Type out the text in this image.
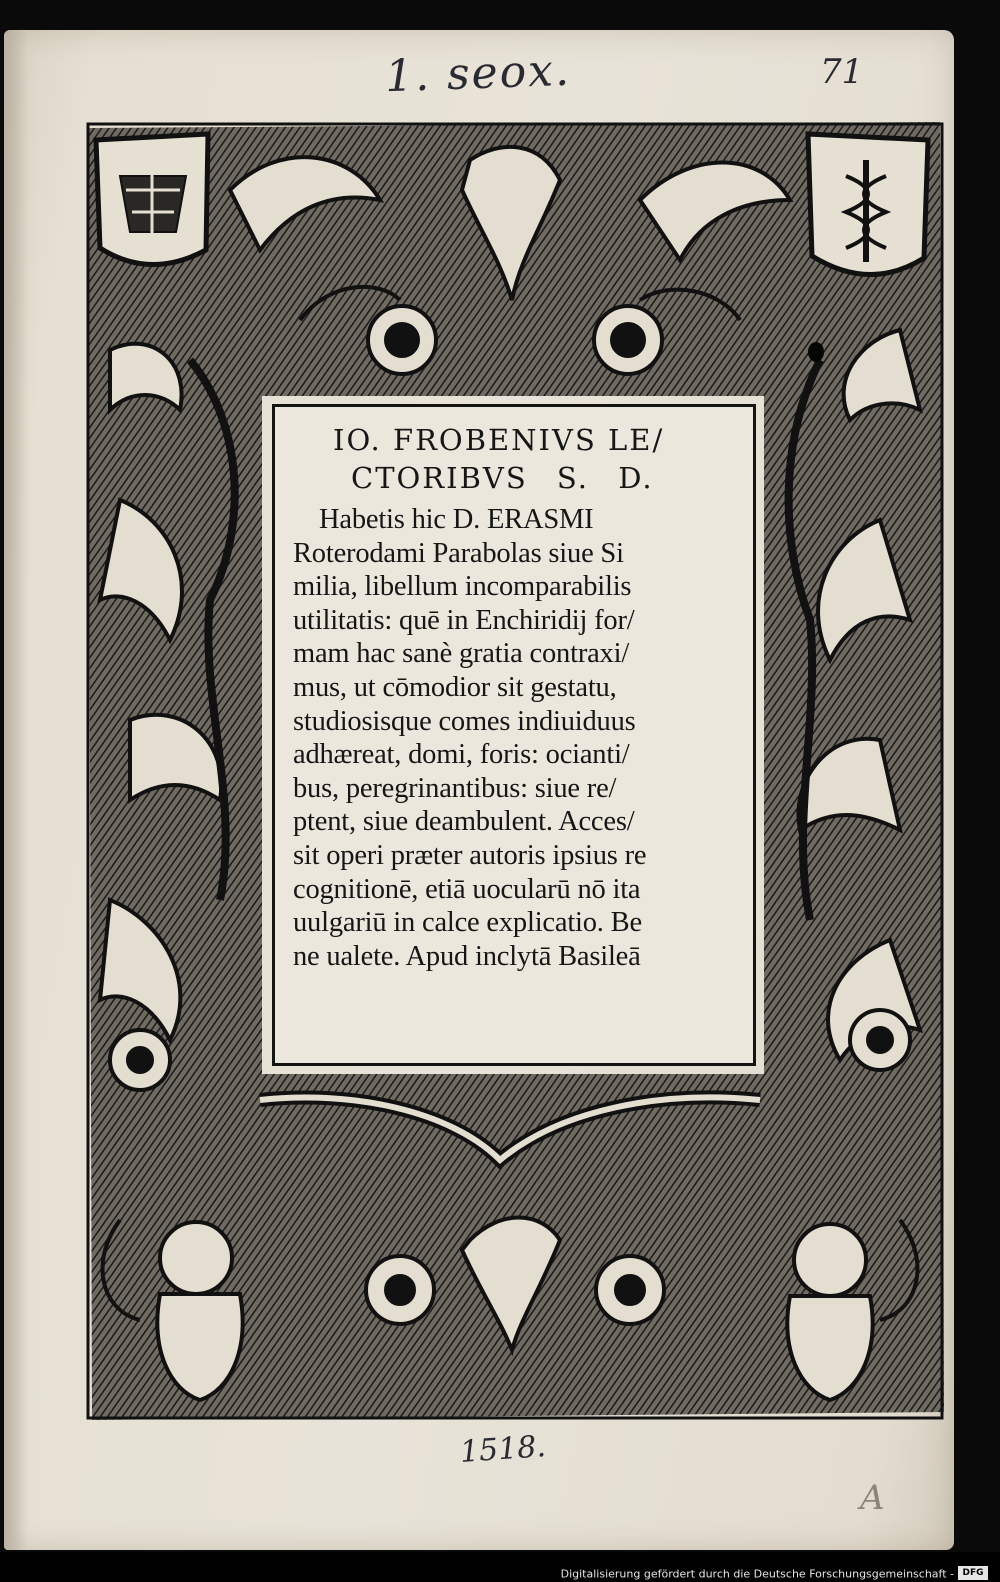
1. seox.	71
1518.
A
IO. FROBENIVS LE/
CTORIBVS S. D.
Habetis hic D. ERASMI
Roterodami Parabolas siue Si
milia, libellum incomparabilis
utilitatis: quē in Enchiridij for/
mam hac sanè gratia contraxi/
mus, ut cōmodior sit gestatu,
studiosisque comes indiuiduus
adhæreat, domi, foris: ocianti/
bus, peregrinantibus: siue re/
ptent, siue deambulent. Acces/
sit operi præter autoris ipsius re
cognitionē, etiā uocularū nō ita
uulgariū in calce explicatio. Be
ne ualete. Apud inclytā Basileā
Digitalisierung gefördert durch die Deutsche Forschungsgemeinschaft - DFG
